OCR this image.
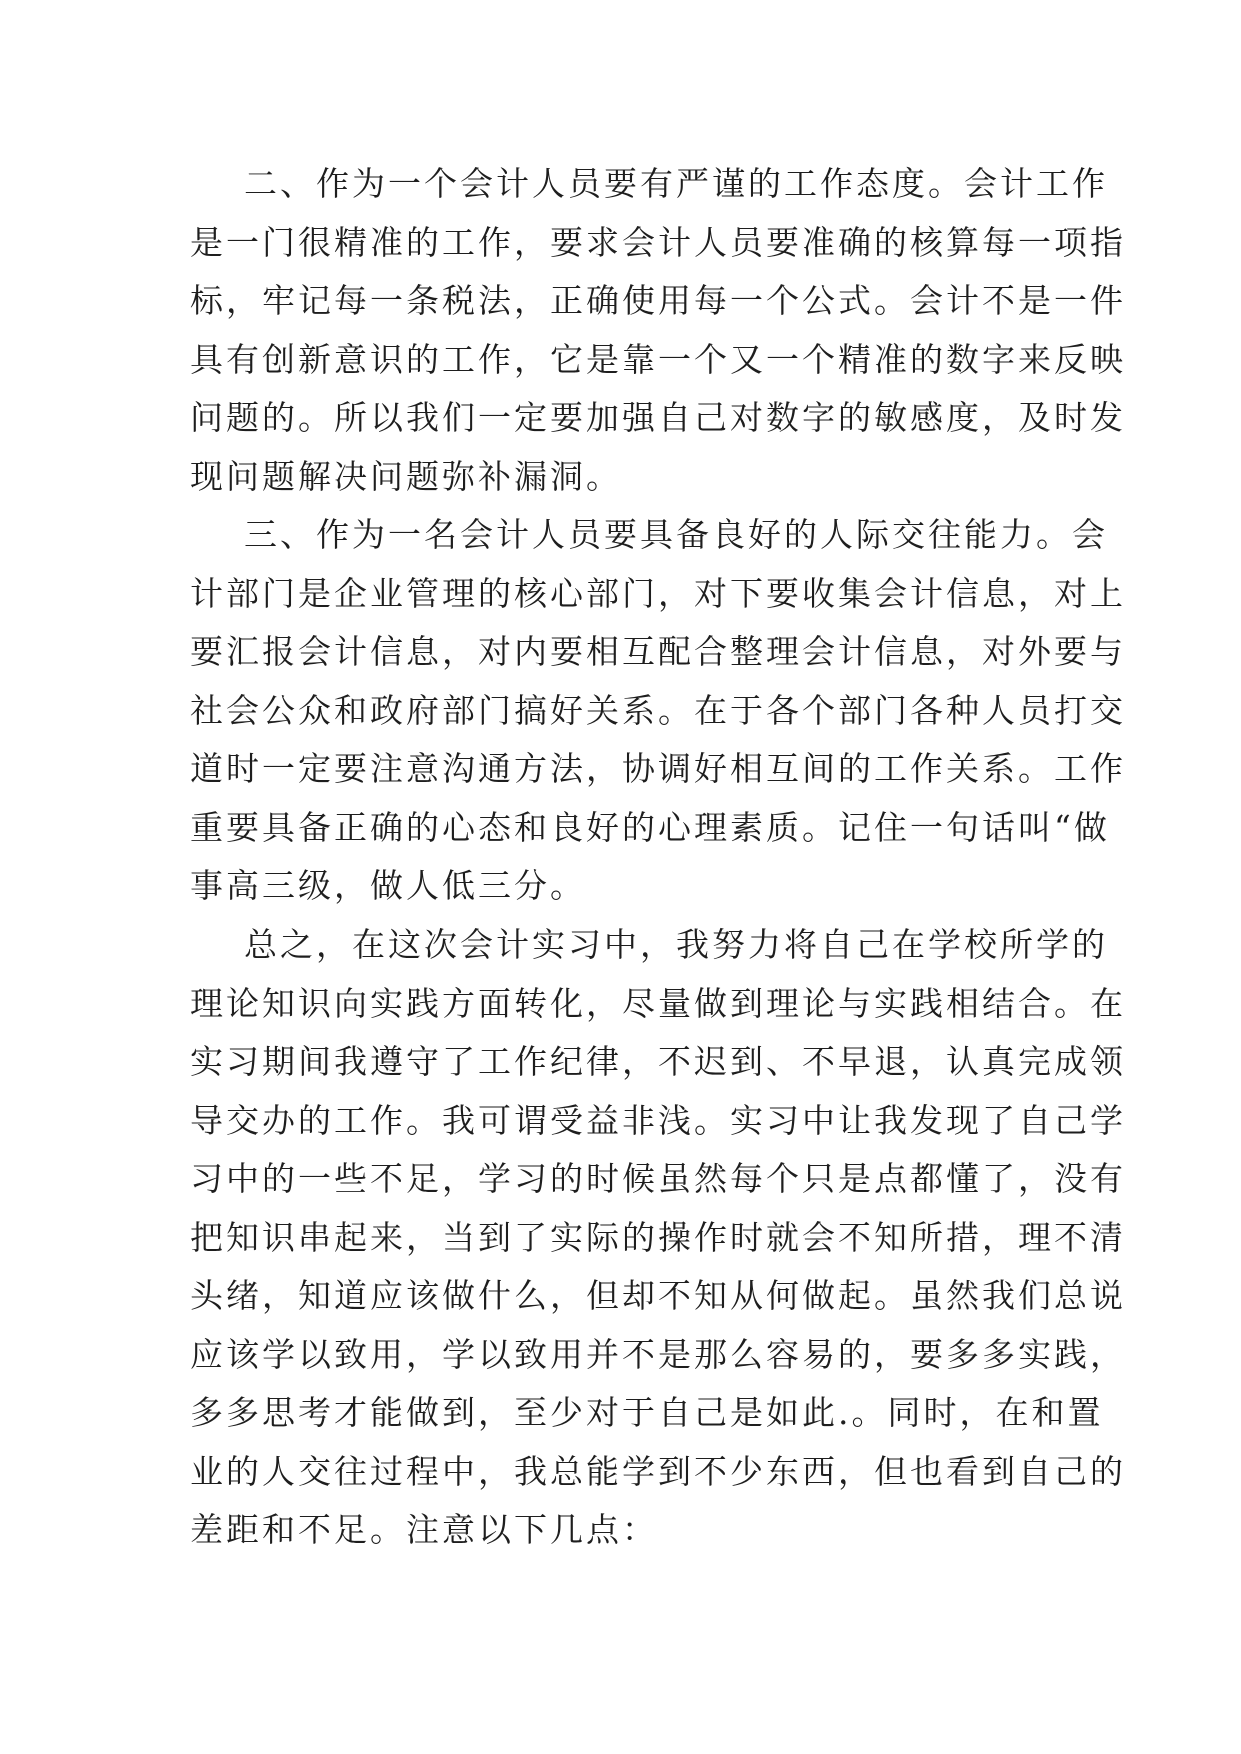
二、作为一个会计人员要有严谨的工作态度。会计工作
是一门很精准的工作，要求会计人员要准确的核算每一项指
标，牢记每一条税法，正确使用每一个公式。会计不是一件
具有创新意识的工作，它是靠一个又一个精准的数字来反映
问题的。所以我们一定要加强自己对数字的敏感度，及时发
现问题解决问题弥补漏洞。
三、作为一名会计人员要具备良好的人际交往能力。会
计部门是企业管理的核心部门，对下要收集会计信息，对上
要汇报会计信息，对内要相互配合整理会计信息，对外要与
社会公众和政府部门搞好关系。在于各个部门各种人员打交
道时一定要注意沟通方法，协调好相互间的工作关系。工作
重要具备正确的心态和良好的心理素质。记住一句话叫“做
事高三级，做人低三分。
总之，在这次会计实习中，我努力将自己在学校所学的
理论知识向实践方面转化，尽量做到理论与实践相结合。在
实习期间我遵守了工作纪律，不迟到、不早退，认真完成领
导交办的工作。我可谓受益非浅。实习中让我发现了自己学
习中的一些不足，学习的时候虽然每个只是点都懂了，没有
把知识串起来，当到了实际的操作时就会不知所措，理不清
头绪，知道应该做什么，但却不知从何做起。虽然我们总说
应该学以致用，学以致用并不是那么容易的，要多多实践，
多多思考才能做到，至少对于自己是如此.。同时，在和置
业的人交往过程中，我总能学到不少东西，但也看到自己的
差距和不足。注意以下几点：
